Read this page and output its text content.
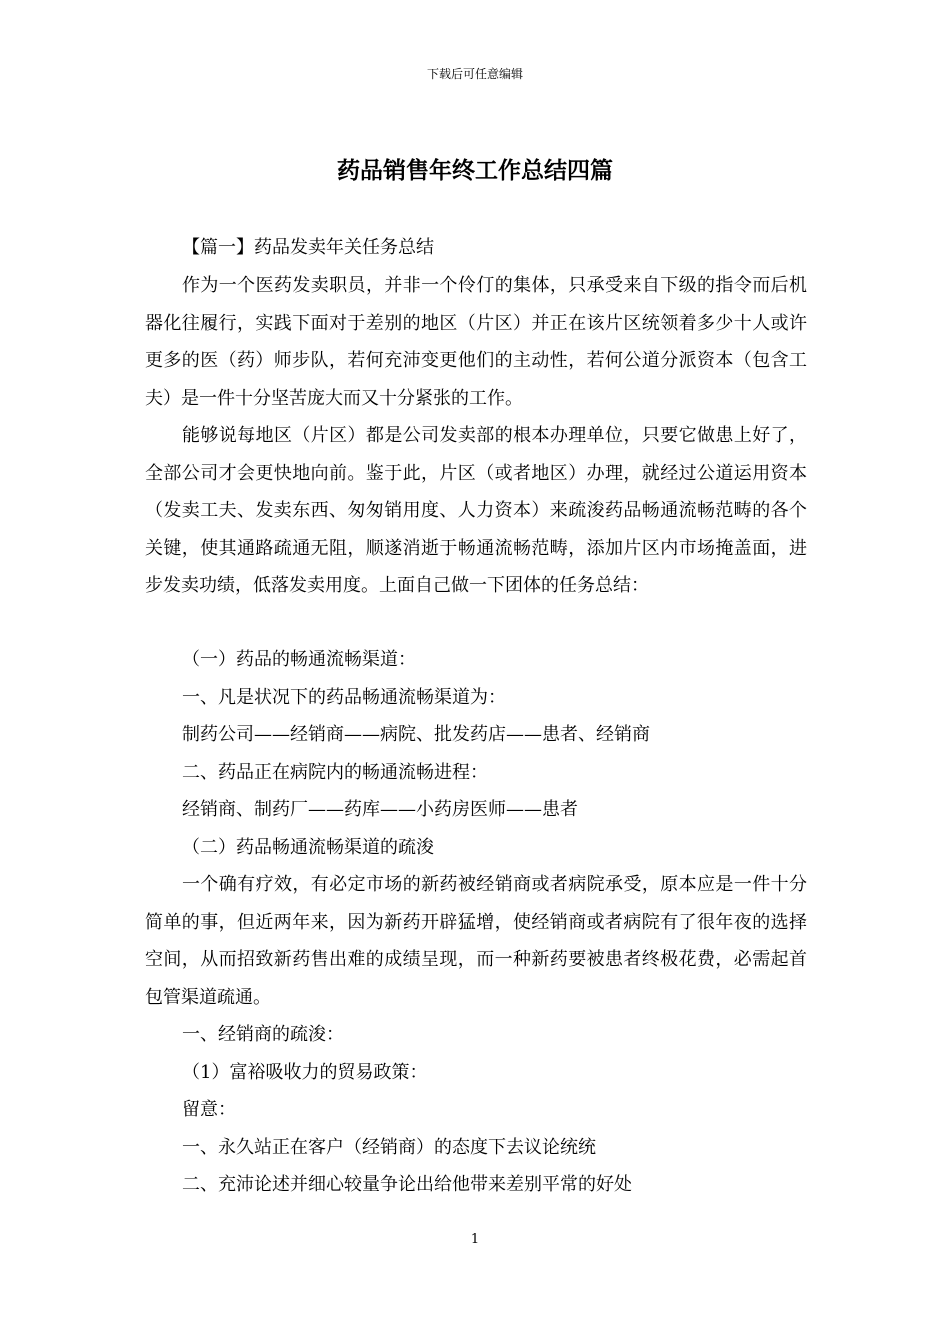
下载后可任意编辑
药品销售年终工作总结四篇

【篇一】药品发卖年关任务总结

作为一个医药发卖职员，并非一个伶仃的集体，只承受来自下级的指令而后机器化往履行，实践下面对于差别的地区（片区）并正在该片区统领着多少十人或许更多的医（药）师步队，若何充沛变更他们的主动性，若何公道分派资本（包含工夫）是一件十分坚苦庞大而又十分紧张的工作。

能够说每地区（片区）都是公司发卖部的根本办理单位，只要它做患上好了，全部公司才会更快地向前。鉴于此，片区（或者地区）办理，就经过公道运用资本（发卖工夫、发卖东西、匆匆销用度、人力资本）来疏浚药品畅通流畅范畴的各个关键，使其通路疏通无阻，顺遂消逝于畅通流畅范畴，添加片区内市场掩盖面，进步发卖功绩，低落发卖用度。上面自己做一下团体的任务总结：

（一）药品的畅通流畅渠道：

一、凡是状况下的药品畅通流畅渠道为：

制药公司——经销商——病院、批发药店——患者、经销商

二、药品正在病院内的畅通流畅进程：

经销商、制药厂——药库——小药房医师——患者

（二）药品畅通流畅渠道的疏浚

一个确有疗效，有必定市场的新药被经销商或者病院承受，原本应是一件十分简单的事，但近两年来，因为新药开辟猛增，使经销商或者病院有了很年夜的选择空间，从而招致新药售出难的成绩呈现，而一种新药要被患者终极花费，必需起首包管渠道疏通。

一、经销商的疏浚：

（1）富裕吸收力的贸易政策：

留意：

一、永久站正在客户（经销商）的态度下去议论统统

二、充沛论述并细心较量争论出给他带来差别平常的好处

1
